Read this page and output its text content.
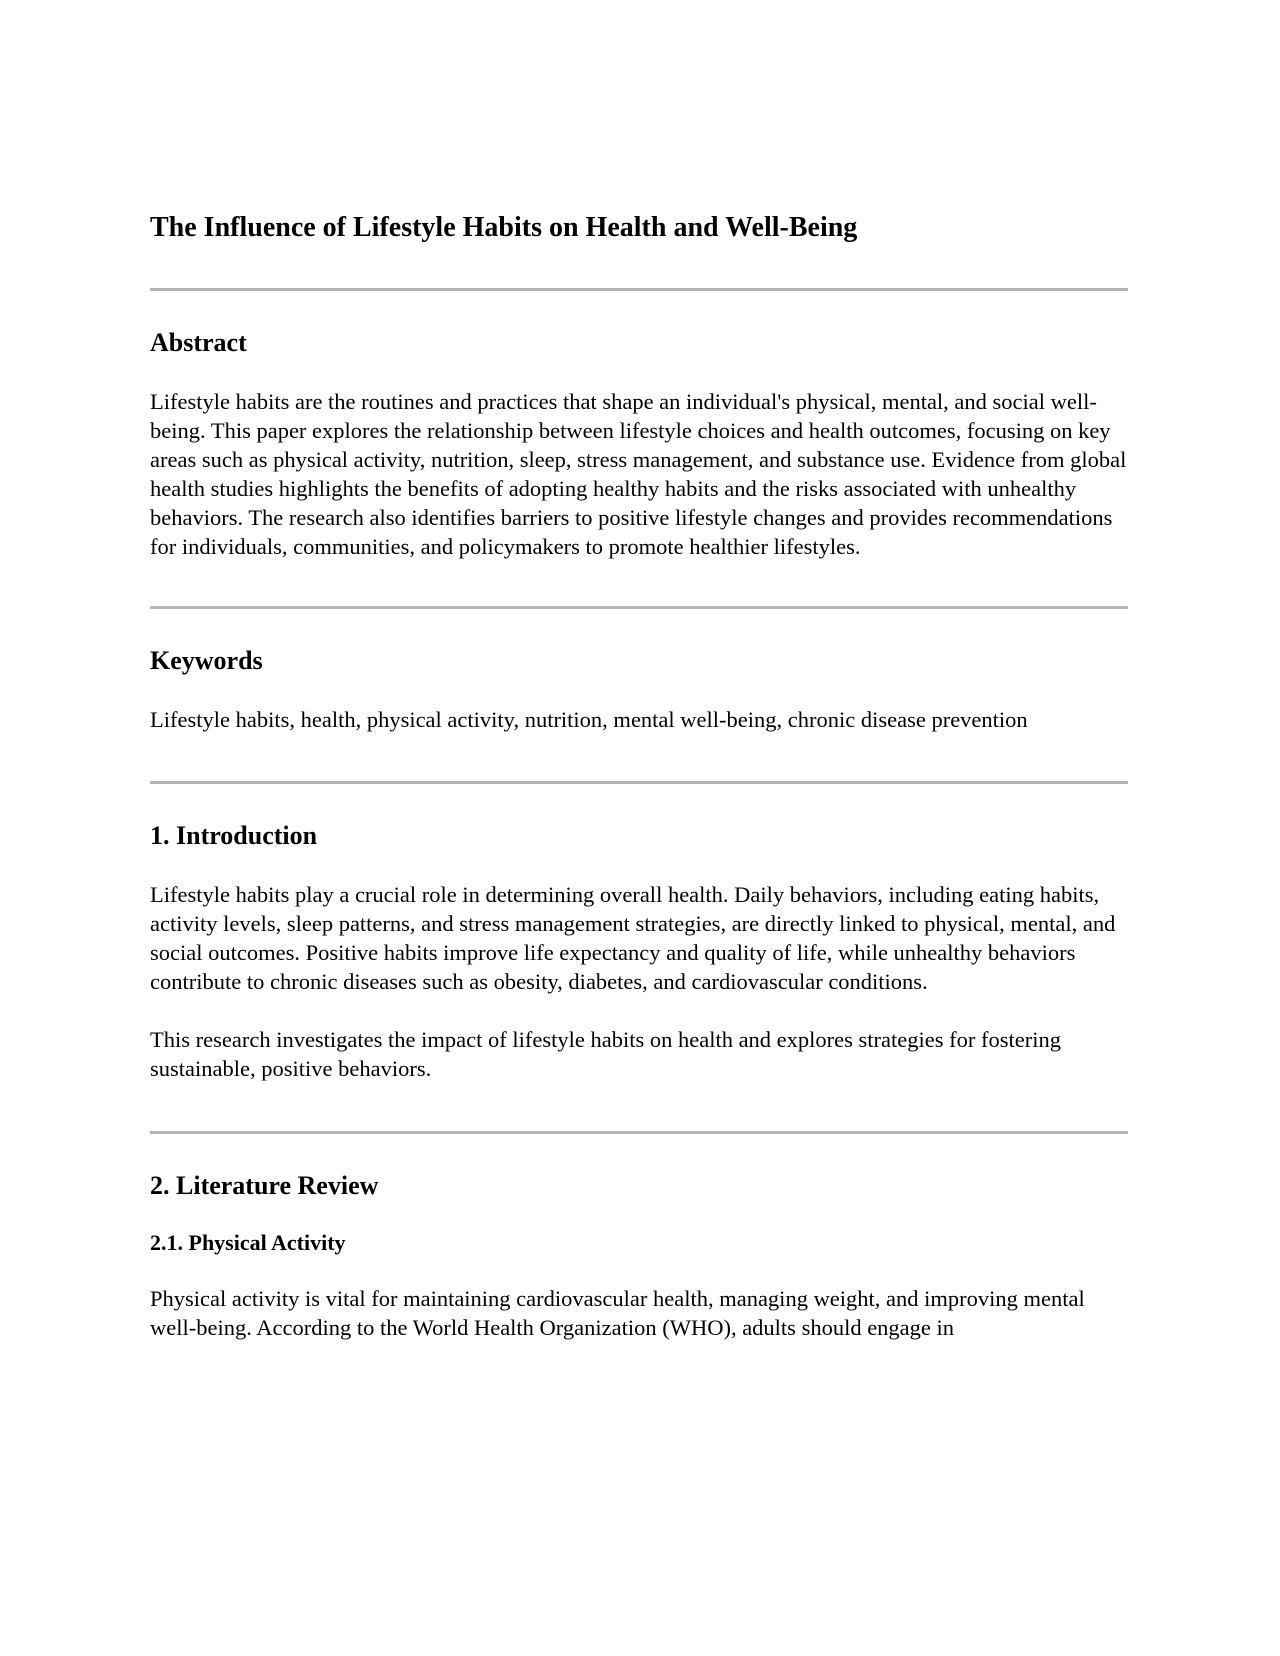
The Influence of Lifestyle Habits on Health and Well-Being
Abstract

Lifestyle habits are the routines and practices that shape an individual's physical, mental, and social well-being. This paper explores the relationship between lifestyle choices and health outcomes, focusing on key areas such as physical activity, nutrition, sleep, stress management, and substance use. Evidence from global health studies highlights the benefits of adopting healthy habits and the risks associated with unhealthy behaviors. The research also identifies barriers to positive lifestyle changes and provides recommendations for individuals, communities, and policymakers to promote healthier lifestyles.

Keywords

Lifestyle habits, health, physical activity, nutrition, mental well-being, chronic disease prevention

1. Introduction

Lifestyle habits play a crucial role in determining overall health. Daily behaviors, including eating habits, activity levels, sleep patterns, and stress management strategies, are directly linked to physical, mental, and social outcomes. Positive habits improve life expectancy and quality of life, while unhealthy behaviors contribute to chronic diseases such as obesity, diabetes, and cardiovascular conditions.

This research investigates the impact of lifestyle habits on health and explores strategies for fostering sustainable, positive behaviors.

2. Literature Review
2.1. Physical Activity

Physical activity is vital for maintaining cardiovascular health, managing weight, and improving mental well-being. According to the World Health Organization (WHO), adults should engage in
